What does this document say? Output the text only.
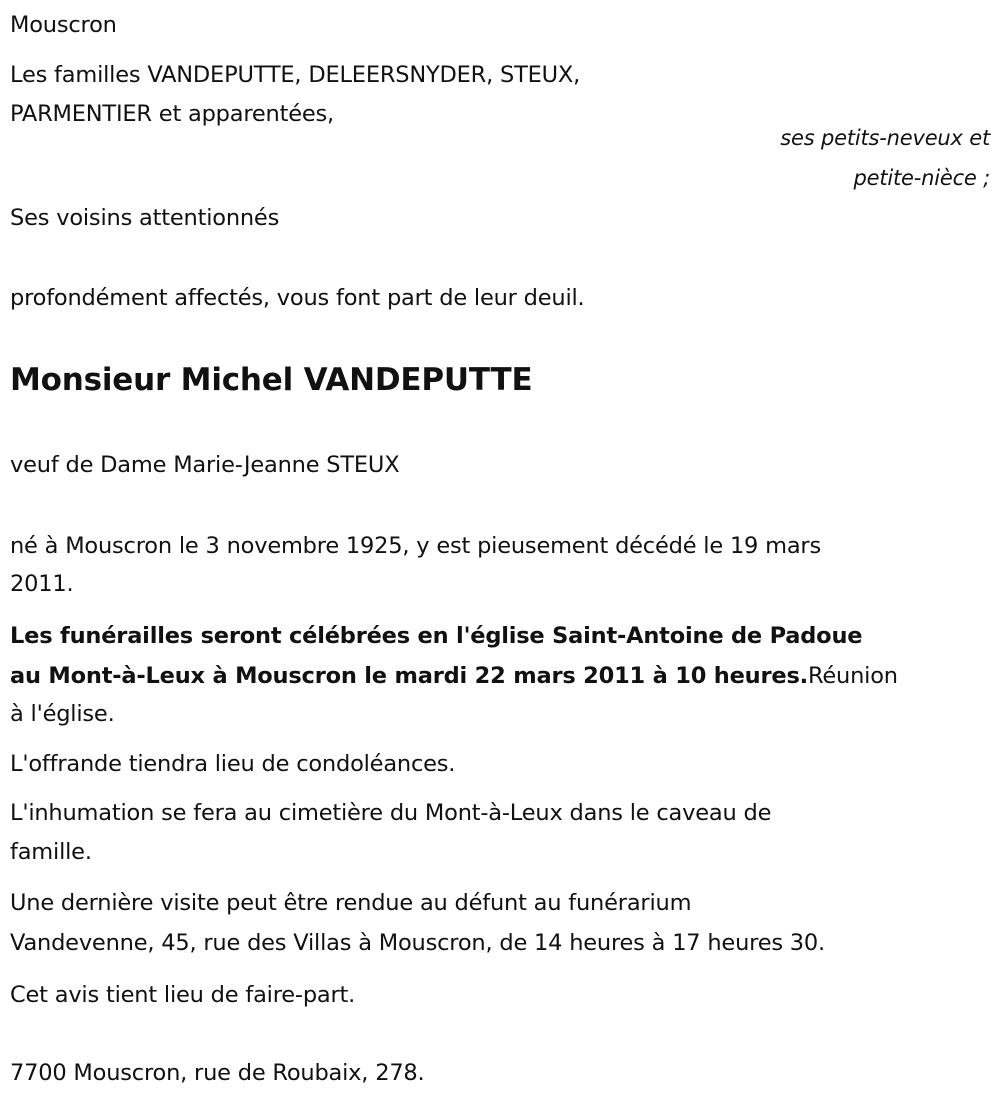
Mouscron
Les familles VANDEPUTTE, DELEERSNYDER, STEUX,
PARMENTIER et apparentées,
ses petits-neveux et
petite-nièce ;
Ses voisins attentionnés
profondément affectés, vous font part de leur deuil.
Monsieur Michel VANDEPUTTE
veuf de Dame Marie-Jeanne STEUX
né à Mouscron le 3 novembre 1925, y est pieusement décédé le 19 mars
2011.
Les funérailles seront célébrées en l'église Saint-Antoine de Padoue
au Mont-à-Leux à Mouscron le mardi 22 mars 2011 à 10 heures.Réunion
à l'église.
L'offrande tiendra lieu de condoléances.
L'inhumation se fera au cimetière du Mont-à-Leux dans le caveau de
famille.
Une dernière visite peut être rendue au défunt au funérarium
Vandevenne, 45, rue des Villas à Mouscron, de 14 heures à 17 heures 30.
Cet avis tient lieu de faire-part.
7700 Mouscron, rue de Roubaix, 278.
